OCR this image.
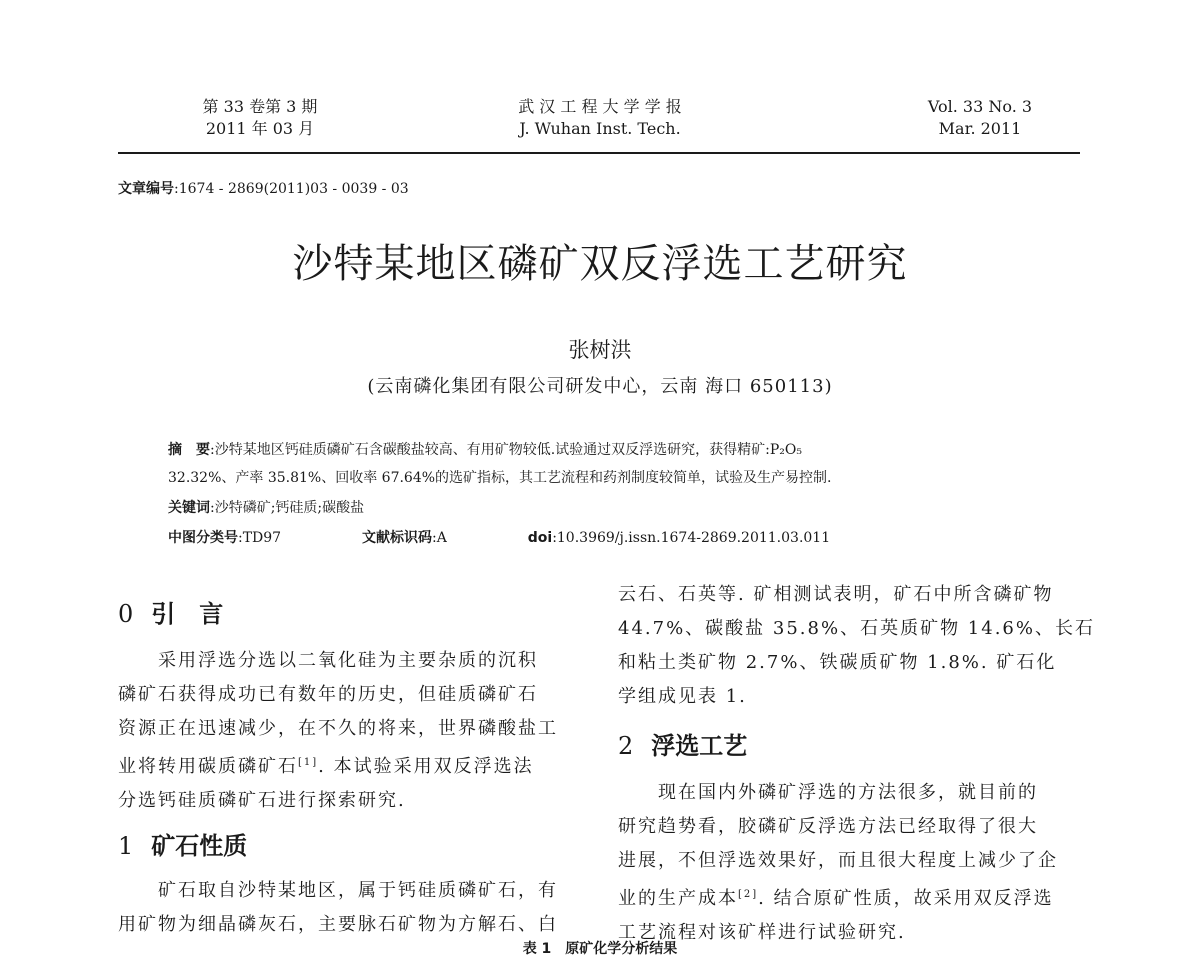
第 33 卷第 3 期
2011 年 03 月
武 汉 工 程 大 学 学 报
J. Wuhan Inst. Tech.
Vol. 33 No. 3
Mar. 2011
文章编号:1674 - 2869(2011)03 - 0039 - 03
沙特某地区磷矿双反浮选工艺研究
张树洪
(云南磷化集团有限公司研发中心，云南 海口 650113)
摘　要:沙特某地区钙硅质磷矿石含碳酸盐较高、有用矿物较低.试验通过双反浮选研究，获得精矿:P₂O₅
32.32%、产率 35.81%、回收率 67.64%的选矿指标，其工艺流程和药剂制度较简单，试验及生产易控制.
关键词:沙特磷矿;钙硅质;碳酸盐
中图分类号:TD97	文献标识码:A	doi:10.3969/j.issn.1674-2869.2011.03.011
0 引　言
　　采用浮选分选以二氧化硅为主要杂质的沉积
磷矿石获得成功已有数年的历史，但硅质磷矿石
资源正在迅速减少，在不久的将来，世界磷酸盐工
业将转用碳质磷矿石[1]. 本试验采用双反浮选法
分选钙硅质磷矿石进行探索研究.
1 矿石性质
　　矿石取自沙特某地区，属于钙硅质磷矿石，有
用矿物为细晶磷灰石，主要脉石矿物为方解石、白
云石、石英等. 矿相测试表明，矿石中所含磷矿物
44.7%、碳酸盐 35.8%、石英质矿物 14.6%、长石
和粘土类矿物 2.7%、铁碳质矿物 1.8%. 矿石化
学组成见表 1.
2 浮选工艺
　　现在国内外磷矿浮选的方法很多，就目前的
研究趋势看，胶磷矿反浮选方法已经取得了很大
进展，不但浮选效果好，而且很大程度上减少了企
业的生产成本[2]. 结合原矿性质，故采用双反浮选
工艺流程对该矿样进行试验研究.
表 1　原矿化学分析结果
